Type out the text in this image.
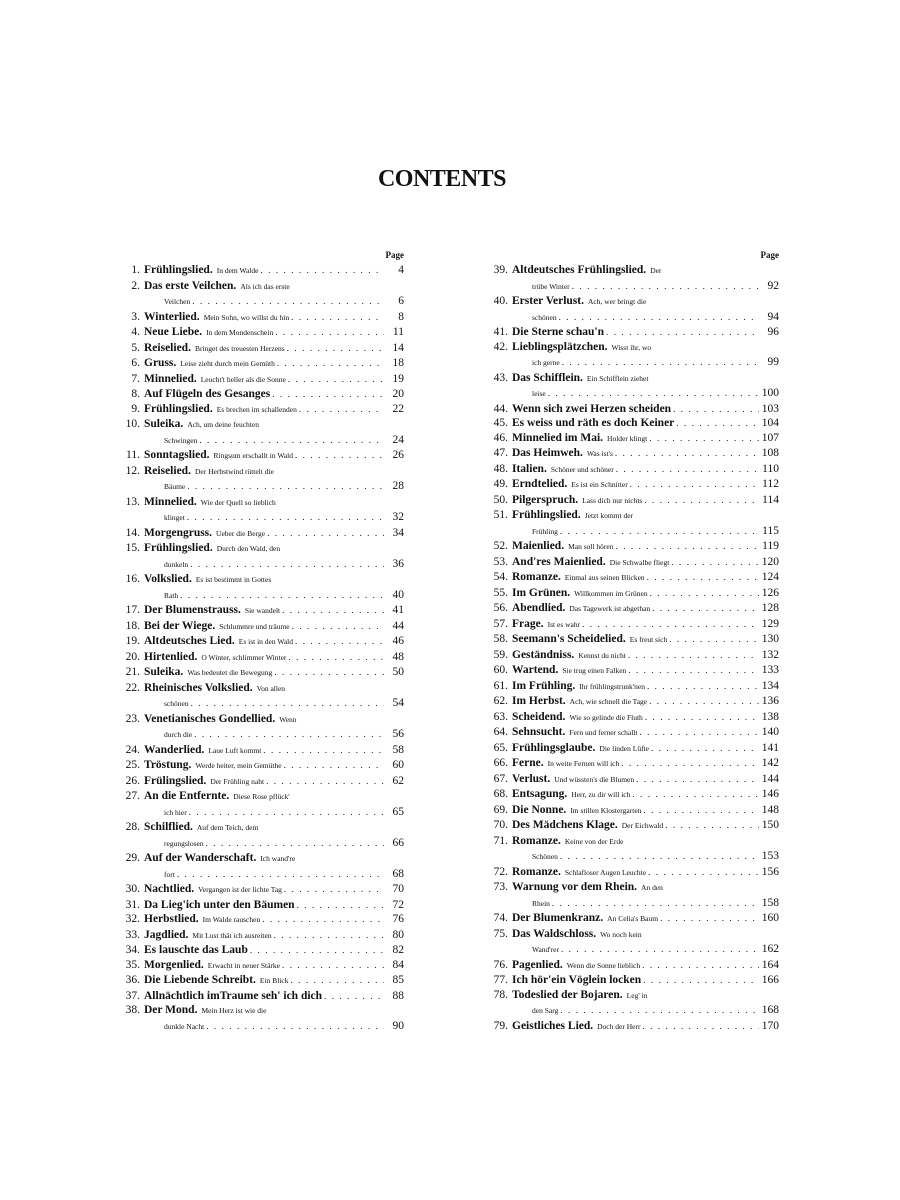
CONTENTS
Page
1. Frühlingslied. In dem Walde . . .	4
2. Das erste Veilchen. Als ich das erste
Veilchen . . .	6
3. Winterlied. Mein Sohn, wo willst du hin . . .	8
4. Neue Liebe. In dem Mondenschein . . .	11
5. Reiselied. Bringet des treuesten Herzens . . .	14
6. Gruss. Leise zieht durch mein Gemüth . . .	18
7. Minnelied. Leucht't heller als die Sonne . . .	19
8. Auf Flügeln des Gesanges . . .	20
9. Frühlingslied. Es brechen im schallenden . . .	22
10. Suleika. Ach, um deine feuchten
Schwingen . . .	24
11. Sonntagslied. Ringsum erschallt in Wald . . .	26
12. Reiselied. Der Herbstwind rüttelt die
Bäume . . .	28
13. Minnelied. Wie der Quell so lieblich
klinget . . .	32
14. Morgengruss. Ueber die Berge . . .	34
15. Frühlingslied. Durch den Wald, den
dunkeln . . .	36
16. Volkslied. Es ist bestimmt in Gottes
Rath . . .	40
17. Der Blumenstrauss. Sie wandelt . . .	41
18. Bei der Wiege. Schlummre und träume . . .	44
19. Altdeutsches Lied. Es ist in den Wald . . .	46
20. Hirtenlied. O Winter, schlimmer Winter . . .	48
21. Suleika. Was bedeutet die Bewegung . . .	50
22. Rheinisches Volkslied. Von allen
schönen . . .	54
23. Venetianisches Gondellied. Wenn
durch die . . .	56
24. Wanderlied. Laue Luft kommt . . .	58
25. Tröstung. Werde heiter, mein Gemüthe . . .	60
26. Frülingslied. Der Frühling naht . . .	62
27. An die Entfernte. Diese Rose pflück'
ich hier . . .	65
28. Schilflied. Auf dem Teich, dem
regungslosen . . .	66
29. Auf der Wanderschaft. Ich wand're
fort . . .	68
30. Nachtlied. Vergangen ist der lichte Tag . . .	70
31. Da Lieg'ich unter den Bäumen . . .	72
32. Herbstlied. Im Walde rauschen . . .	76
33. Jagdlied. Mit Lust thät ich ausreiten . . .	80
34. Es lauschte das Laub . . .	82
35. Morgenlied. Erwacht in neuer Stärke . . .	84
36. Die Liebende Schreibt. Ein Blick . . .	85
37. Allnächtlich imTraume seh' ich dich . . .	88
38. Der Mond. Mein Herz ist wie die
dunkle Nacht . . .	90
Page
39. Altdeutsches Frühlingslied. Der
trübe Winter . . .	92
40. Erster Verlust. Ach, wer bringt die
schönen . . .	94
41. Die Sterne schau'n . . .	96
42. Lieblingsplätzchen. Wisst ihr, wo
ich gerne . . .	99
43. Das Schifflein. Ein Schifflein ziehet
leise . . .	100
44. Wenn sich zwei Herzen scheiden . . .	103
45. Es weiss und räth es doch Keiner . . .	104
46. Minnelied im Mai. Holder klingt . . .	107
47. Das Heimweh. Was ist's . . .	108
48. Italien. Schöner und schöner . . .	110
49. Erndtelied. Es ist ein Schnitter . . .	112
50. Pilgerspruch. Lass dich nur nichts . . .	114
51. Frühlingslied. Jetzt kommt der
Frühling . . .	115
52. Maienlied. Man soll hören . . .	119
53. And'res Maienlied. Die Schwalbe fliegt . . .	120
54. Romanze. Einmal aus seinen Blicken . . .	124
55. Im Grünen. Willkommen im Grünen . . .	126
56. Abendlied. Das Tagewerk ist abgethan . . .	128
57. Frage. Ist es wahr . . .	129
58. Seemann's Scheidelied. Es freut sich . . .	130
59. Geständniss. Kennst du nicht . . .	132
60. Wartend. Sie trug einen Falken . . .	133
61. Im Frühling. Ihr frühlingstrunk'nen . . .	134
62. Im Herbst. Ach, wie schnell die Tage . . .	136
63. Scheidend. Wie so gelinde die Fluth . . .	138
64. Sehnsucht. Fern und ferner schallt . . .	140
65. Frühlingsglaube. Die linden Lüfte . . .	141
66. Ferne. In weite Fernen will ich . . .	142
67. Verlust. Und wüssten's die Blumen . . .	144
68. Entsagung. Herr, zu dir will ich . . .	146
69. Die Nonne. Im stillen Klostergarten . . .	148
70. Des Mädchens Klage. Der Eichwald . . .	150
71. Romanze. Keine von der Erde
Schönen . . .	153
72. Romanze. Schlafloser Augen Leuchte . . .	156
73. Warnung vor dem Rhein. An den
Rhein . . .	158
74. Der Blumenkranz. An Celia's Baum . . .	160
75. Das Waldschloss. Wo noch kein
Wand'rer . . .	162
76. Pagenlied. Wenn die Sonne lieblich . . .	164
77. Ich hör'ein Vöglein locken . . .	166
78. Todeslied der Bojaren. Leg' in
den Sarg . . .	168
79. Geistliches Lied. Doch der Herr . . .	170
